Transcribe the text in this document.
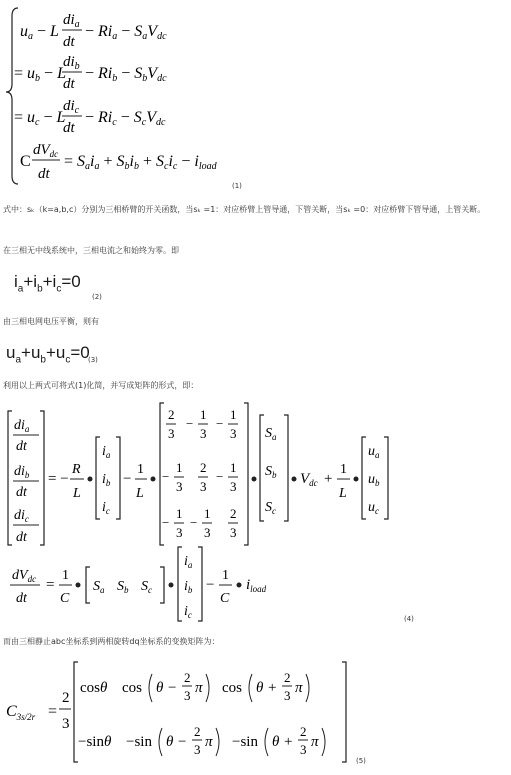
ua − L
$di_a$
dt
− Ria − SaVdc
= ub − L
$di_b$
dt
− Rib − SbVdc
= uc − L
$di_c$
dt
− Ric − ScVdc
C
$dV_{dc}$
dt
= Saia + Sbib + Scic − iload
(1)
式中：sₖ（k=a,b,c）分别为三相桥臂的开关函数，当sₖ =1：对应桥臂上管导通，下管关断，当sₖ =0：对应桥臂下管导通，上管关断。
在三相无中线系统中，三相电流之和始终为零。即
$i_a+i_b+i_c=0$
(2)
由三相电网电压平衡，则有
$u_a+u_b+u_c=0$
(3)
利用以上两式可将式(1)化简，并写成矩阵的形式，即：
$di_a$
dt
$di_b$
dt
$di_c$
dt
= −
R
L
$i_a$
$i_b$
$i_c$
−
1
L
2
3
−
1
3
−
1
3
−
1
3
2
3
−
1
3
−
1
3
−
1
3
2
3
$S_a$
$S_b$
$S_c$
$V_{dc}$ +
1
L
$u_a$
$u_b$
$u_c$
$dV_{dc}$
dt
=
1
C
$S_a$ $S_b$ $S_c$
$i_a$
$i_b$
$i_c$
−
1
C
$i_{load}$
(4)
而由三相静止abc坐标系到两相旋转dq坐标系的变换矩阵为：
$C_{3s/2r}$ =
2
3
cosθ cos θ −
2
3 π cos θ +
2
3 π
−sinθ −sin θ −
2
3 π −sin θ +
2
3 π
(5)
